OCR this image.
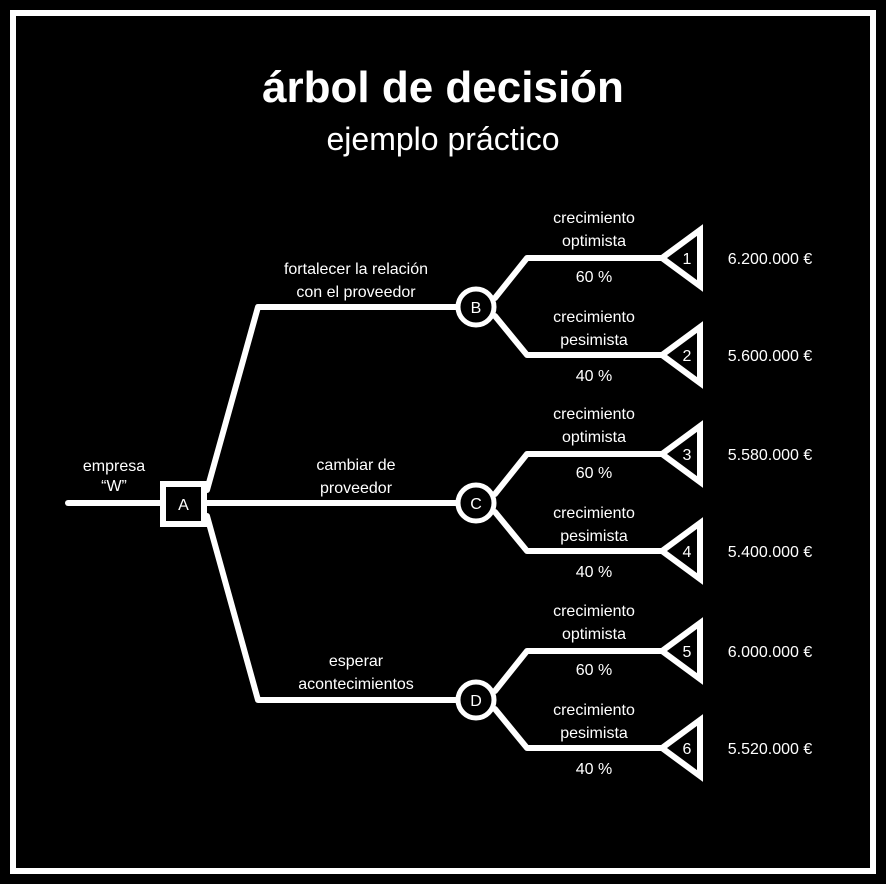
árbol de decisión
ejemplo práctico
empresa
“W”
fortalecer la relación
con el proveedor
cambiar de
proveedor
esperar
acontecimientos
A
B
C
D
crecimiento
optimista
60 %
crecimiento
pesimista
40 %
crecimiento
optimista
60 %
crecimiento
pesimista
40 %
crecimiento
optimista
60 %
crecimiento
pesimista
40 %
1
2
3
4
5
6
6.200.000 €
5.600.000 €
5.580.000 €
5.400.000 €
6.000.000 €
5.520.000 €
